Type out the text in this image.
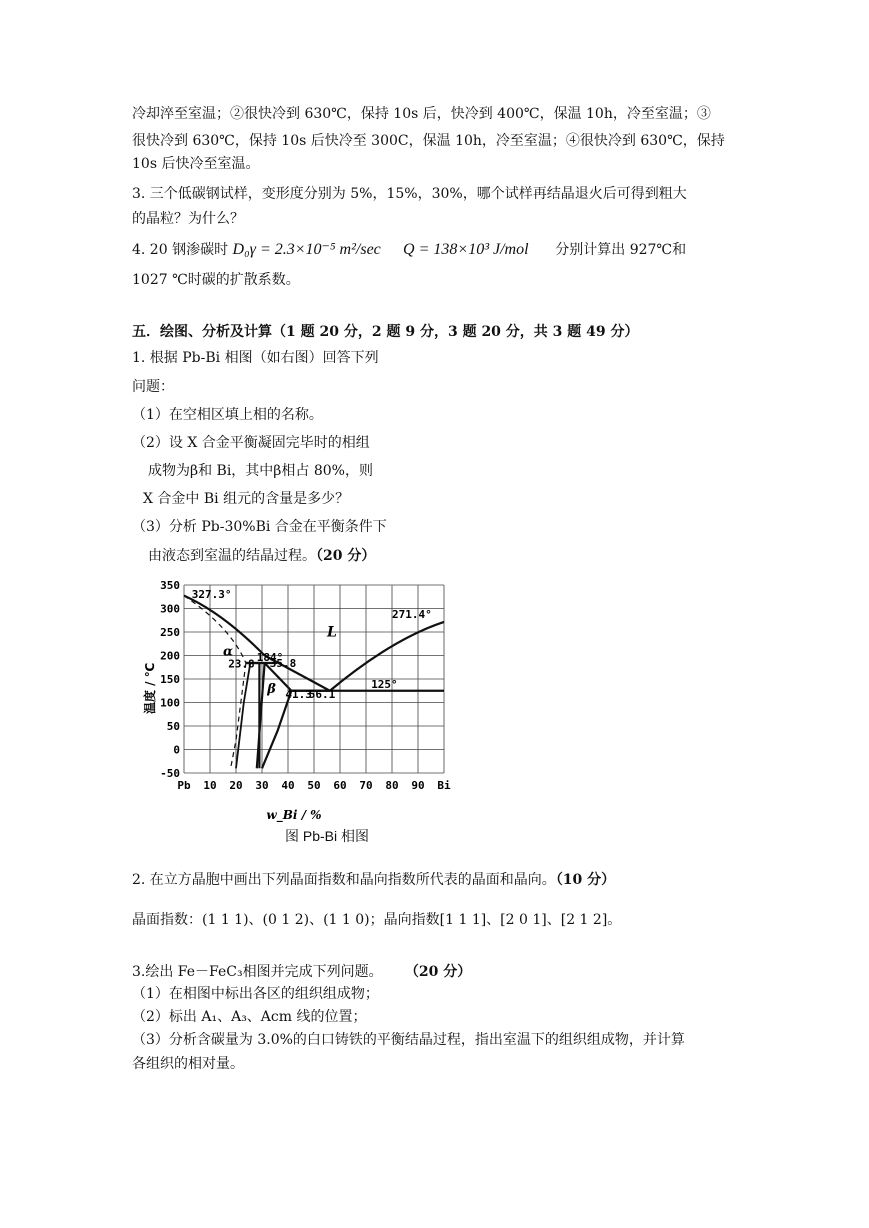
冷却淬至室温；②很快冷到 630℃，保持 10s 后，快冷到 400℃，保温 10h，冷至室温；③
很快冷到 630℃，保持 10s 后快冷至 300C，保温 10h，冷至室温；④很快冷到 630℃，保持
10s 后快冷至室温。
3. 三个低碳钢试样，变形度分别为 5%，15%，30%，哪个试样再结晶退火后可得到粗大
的晶粒？为什么？
4. 20 钢渗碳时 D₀γ = 2.3×10⁻⁵ m²/sec Q = 138×10³ J/mol 分别计算出 927℃和
1027 ℃时碳的扩散系数。
五．绘图、分析及计算（1 题 20 分，2 题 9 分，3 题 20 分，共 3 题 49 分）
1. 根据 Pb-Bi 相图（如右图）回答下列
问题：
（1）在空相区填上相的名称。
（2）设 X 合金平衡凝固完毕时的相组
成物为β和 Bi，其中β相占 80%，则
X 合金中 Bi 组元的含量是多少？
（3）分析 Pb-30%Bi 合金在平衡条件下
由液态到室温的结晶过程。（20 分）
350
300
250
200
150
100
50
0
-50
Pb 10 20 30 40 50 60 70 80 90 Bi
w_Bi / %
温度 / ℃
327.3°
271.4°
184°
23.8 35.8
41.3
56.1
125°
L
α
β
图 Pb-Bi 相图
2. 在立方晶胞中画出下列晶面指数和晶向指数所代表的晶面和晶向。（10 分）
晶面指数：(1 1 1)、(0 1 2)、(1 1 0)；晶向指数[1 1 1]、[2 0 1]、[2 1 2]。
3.绘出 Fe－FeC₃相图并完成下列问题。 （20 分）
（1）在相图中标出各区的组织组成物；
（2）标出 A₁、A₃、Acm 线的位置；
（3）分析含碳量为 3.0%的白口铸铁的平衡结晶过程，指出室温下的组织组成物，并计算
各组织的相对量。
